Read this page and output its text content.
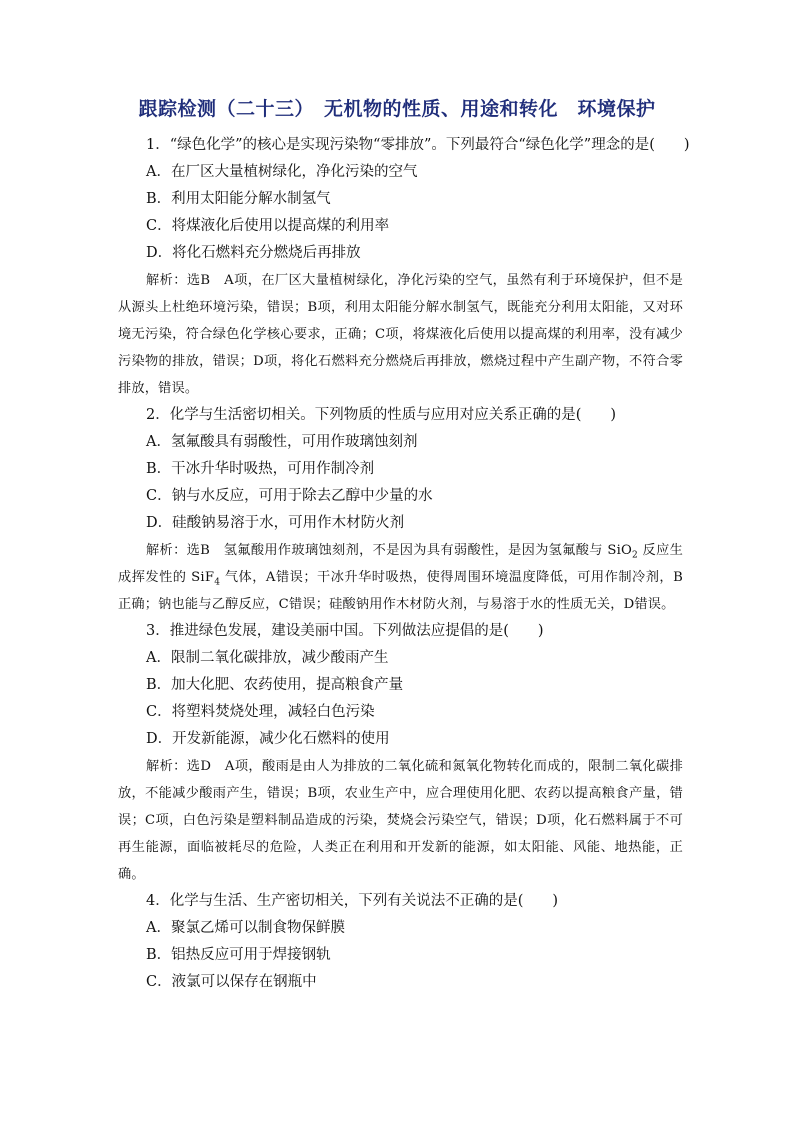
跟踪检测（二十三）　无机物的性质、用途和转化　环境保护
1．“绿色化学”的核心是实现污染物“零排放”。下列最符合“绿色化学”理念的是(　　)
A．在厂区大量植树绿化，净化污染的空气
B．利用太阳能分解水制氢气
C．将煤液化后使用以提高煤的利用率
D．将化石燃料充分燃烧后再排放
解析：选B　A项，在厂区大量植树绿化，净化污染的空气，虽然有利于环境保护，但不是从源头上杜绝环境污染，错误；B项，利用太阳能分解水制氢气，既能充分利用太阳能，又对环境无污染，符合绿色化学核心要求，正确；C项，将煤液化后使用以提高煤的利用率，没有减少污染物的排放，错误；D项，将化石燃料充分燃烧后再排放，燃烧过程中产生副产物，不符合零排放，错误。
2．化学与生活密切相关。下列物质的性质与应用对应关系正确的是(　　)
A．氢氟酸具有弱酸性，可用作玻璃蚀刻剂
B．干冰升华时吸热，可用作制冷剂
C．钠与水反应，可用于除去乙醇中少量的水
D．硅酸钠易溶于水，可用作木材防火剂
解析：选B　氢氟酸用作玻璃蚀刻剂，不是因为具有弱酸性，是因为氢氟酸与 SiO$_2$ 反应生成挥发性的 SiF$_4$ 气体，A错误；干冰升华时吸热，使得周围环境温度降低，可用作制冷剂，B正确；钠也能与乙醇反应，C错误；硅酸钠用作木材防火剂，与易溶于水的性质无关，D错误。
3．推进绿色发展，建设美丽中国。下列做法应提倡的是(　　)
A．限制二氧化碳排放，减少酸雨产生
B．加大化肥、农药使用，提高粮食产量
C．将塑料焚烧处理，减轻白色污染
D．开发新能源，减少化石燃料的使用
解析：选D　A项，酸雨是由人为排放的二氧化硫和氮氧化物转化而成的，限制二氧化碳排放，不能减少酸雨产生，错误；B项，农业生产中，应合理使用化肥、农药以提高粮食产量，错误；C项，白色污染是塑料制品造成的污染，焚烧会污染空气，错误；D项，化石燃料属于不可再生能源，面临被耗尽的危险，人类正在利用和开发新的能源，如太阳能、风能、地热能，正确。
4．化学与生活、生产密切相关，下列有关说法不正确的是(　　)
A．聚氯乙烯可以制食物保鲜膜
B．铝热反应可用于焊接钢轨
C．液氯可以保存在钢瓶中
